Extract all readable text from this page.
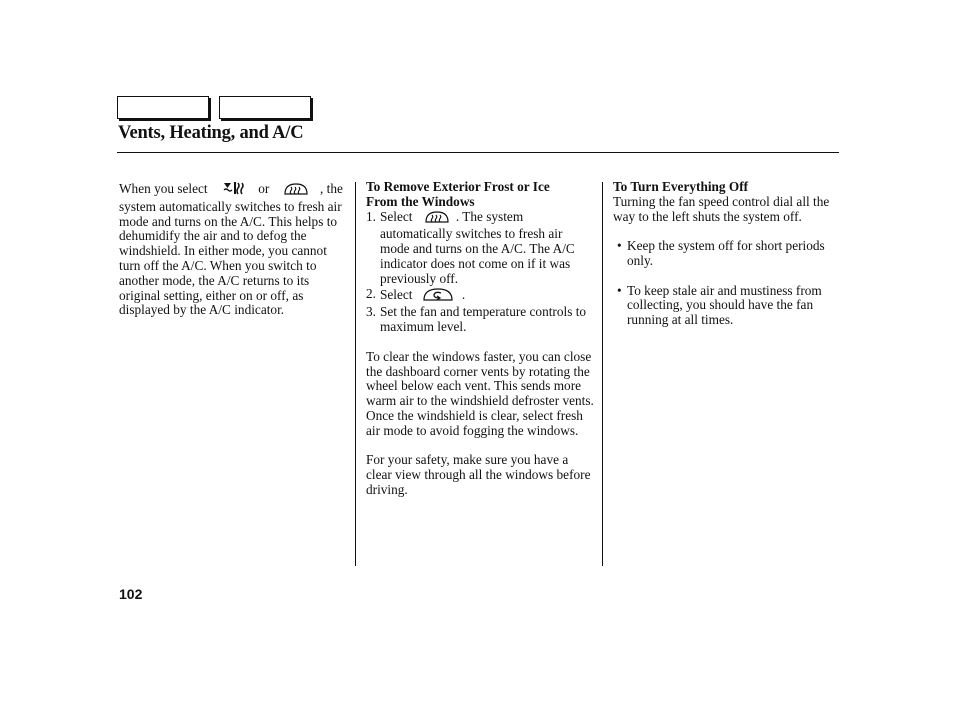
Vents, Heating, and A/C

When you select	or	, the system automatically switches to fresh air mode and turns on the A/C. This helps to dehumidify the air and to defog the windshield. In either mode, you cannot turn off the A/C. When you switch to another mode, the A/C returns to its original setting, either on or off, as displayed by the A/C indicator.

To Remove Exterior Frost or Ice
From the Windows

1. Select	. The system automatically switches to fresh air mode and turns on the A/C. The A/C indicator does not come on if it was previously off.
2. Select	.
3. Set the fan and temperature controls to maximum level.

To clear the windows faster, you can close the dashboard corner vents by rotating the wheel below each vent. This sends more warm air to the windshield defroster vents. Once the windshield is clear, select fresh air mode to avoid fogging the windows.

For your safety, make sure you have a clear view through all the windows before driving.

To Turn Everything Off

Turning the fan speed control dial all the way to the left shuts the system off.

• Keep the system off for short periods only.
• To keep stale air and mustiness from collecting, you should have the fan running at all times.
102
